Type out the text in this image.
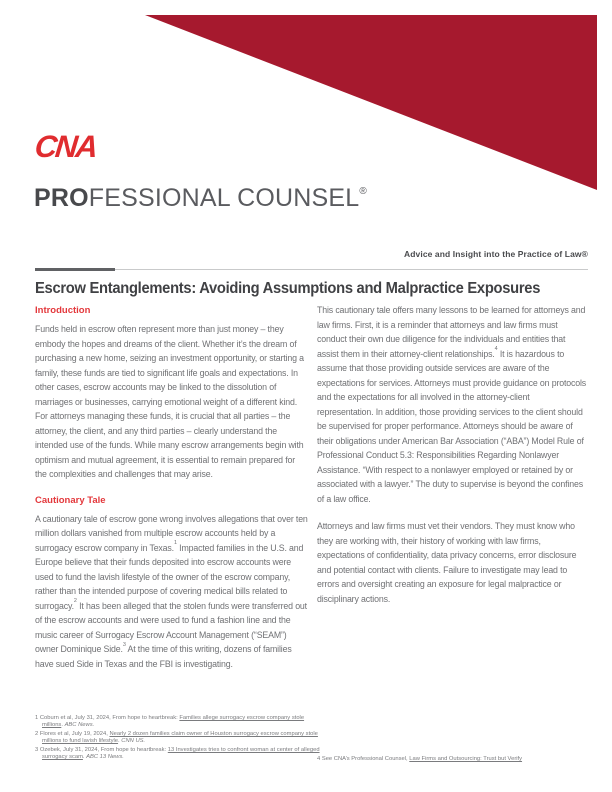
CNA
PROFESSIONAL COUNSEL®
Advice and Insight into the Practice of Law®
Escrow Entanglements: Avoiding Assumptions and Malpractice Exposures
Introduction

Funds held in escrow often represent more than just money – they embody the hopes and dreams of the client. Whether it’s the dream of purchasing a new home, seizing an investment opportunity, or starting a family, these funds are tied to significant life goals and expectations. In other cases, escrow accounts may be linked to the dissolution of marriages or businesses, carrying emotional weight of a different kind. For attorneys managing these funds, it is crucial that all parties – the attorney, the client, and any third parties – clearly understand the intended use of the funds. While many escrow arrangements begin with optimism and mutual agreement, it is essential to remain prepared for the complexities and challenges that may arise.

Cautionary Tale

A cautionary tale of escrow gone wrong involves allegations that over ten million dollars vanished from multiple escrow accounts held by a surrogacy escrow company in Texas.$^1$ Impacted families in the U.S. and Europe believe that their funds deposited into escrow accounts were used to fund the lavish lifestyle of the owner of the escrow company, rather than the intended purpose of covering medical bills related to surrogacy.$^2$ It has been alleged that the stolen funds were transferred out of the escrow accounts and were used to fund a fashion line and the music career of Surrogacy Escrow Account Management (“SEAM”) owner Dominique Side.$^3$ At the time of this writing, dozens of families have sued Side in Texas and the FBI is investigating.

This cautionary tale offers many lessons to be learned for attorneys and law firms. First, it is a reminder that attorneys and law firms must conduct their own due diligence for the individuals and entities that assist them in their attorney-client relationships.$^4$ It is hazardous to assume that those providing outside services are aware of the expectations for services. Attorneys must provide guidance on protocols and the expectations for all involved in the attorney-client representation. In addition, those providing services to the client should be supervised for proper performance. Attorneys should be aware of their obligations under American Bar Association (“ABA”) Model Rule of Professional Conduct 5.3: Responsibilities Regarding Nonlawyer Assistance. “With respect to a nonlawyer employed or retained by or associated with a lawyer.” The duty to supervise is beyond the confines of a law office.

Attorneys and law firms must vet their vendors. They must know who they are working with, their history of working with law firms, expectations of confidentiality, data privacy concerns, error disclosure and potential contact with clients. Failure to investigate may lead to errors and oversight creating an exposure for legal malpractice or disciplinary actions.

1 Coburn et al, July 31, 2024, From hope to heartbreak: Families allege surrogacy escrow company stole millions. ABC News.
2 Flores et al, July 19, 2024, Nearly 2 dozen families claim owner of Houston surrogacy escrow company stole millions to fund lavish lifestyle. CNN US.
3 Ozebek, July 31, 2024, From hope to heartbreak: 13 Investigates tries to confront woman at center of alleged surrogacy scam. ABC 13 News.	4 See CNA’s Professional Counsel, Law Firms and Outsourcing: Trust but Verify
